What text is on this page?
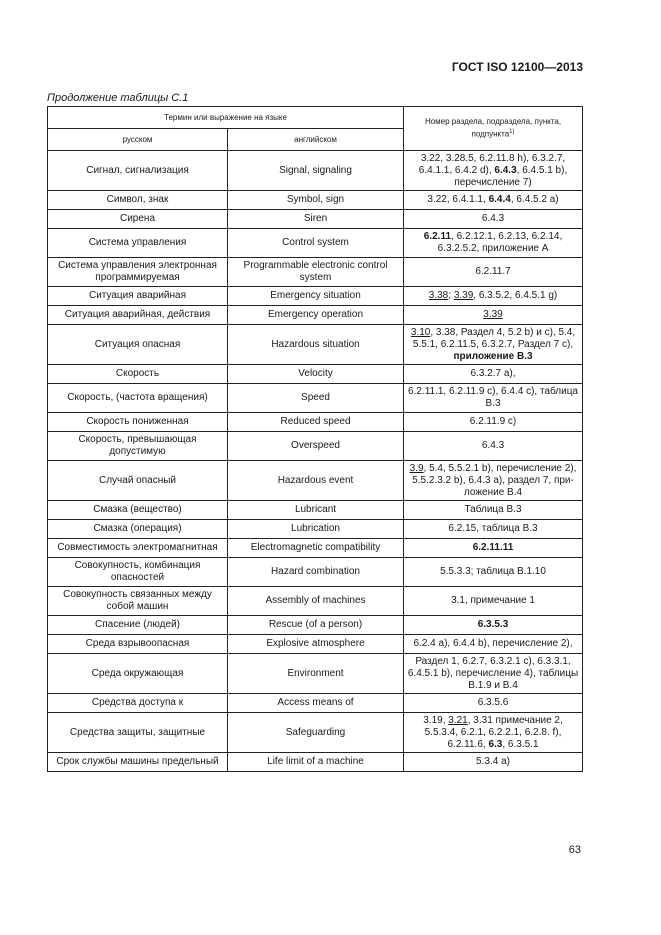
ГОСТ ISO 12100—2013
Продолжение таблицы С.1
Термин или выражение на языке		Номер раздела, подраздела, пункта, подпункта$^{1)}$
русском	английском	
Сигнал, сигнализация	Signal, signaling	3.22, 3.28.5, 6.2.11.8 h), 6.3.2.7, 6.4.1.1, 6.4.2 d), 6.4.3, 6.4.5.1 b), перечисление 7)
Символ, знак	Symbol, sign	3.22, 6.4.1.1, 6.4.4, 6.4.5.2 а)
Сирена	Siren	6.4.3
Система управления	Control system	6.2.11, 6.2.12.1, 6.2.13, 6.2.14, 6.3.2.5.2, приложение А
Система управления электронная программируемая	Programmable electronic control system	6.2.11.7
Ситуация аварийная	Emergency situation	3.38; 3.39, 6.3.5.2, 6.4.5.1 g)
Ситуация аварийная, действия	Emergency operation	3.39
Ситуация опасная	Hazardous situation	3.10, 3.38, Раздел 4, 5.2 b) и с), 5.4, 5.5.1, 6.2.11.5, 6.3.2.7, Раздел 7 с), приложение В.3
Скорость	Velocity	6.3.2.7 а),
Скорость, (частота вращения)	Speed	6.2.11.1, 6.2.11.9 с), 6.4.4 с), таблица В.3
Скорость пониженная	Reduced speed	6.2.11.9 с)
Скорость, превышающая допустимую	Overspeed	6.4.3
Случай опасный	Hazardous event	3.9, 5.4, 5.5.2.1 b), перечисление 2), 5.5.2.3.2 b), 6.4.3 а), раздел 7, при-ложение В.4
Смазка (вещество)	Lubricant	Таблица В.3
Смазка (операция)	Lubrication	6.2.15, таблица В.3
Совместимость электромагнитная	Electromagnetic compatibility	6.2.11.11
Совокупность, комбинация опасностей	Hazard combination	5.5.3.3; таблица В.1.10
Совокупность связанных между собой машин	Assembly of machines	3.1, примечание 1
Спасение (людей)	Rescue (of a person)	6.3.5.3
Среда взрывоопасная	Explosive atmosphere	6.2.4 а), 6.4.4 b), перечисление 2),
Среда окружающая	Environment	Раздел 1, 6.2.7, 6.3.2.1 с), 6.3.3.1, 6.4.5.1 b), перечисление 4), таблицы В.1.9 и В.4
Средства доступа к	Access means of	6.3.5.6
Средства защиты, защитные	Safeguarding	3.19, 3.21, 3.31 примечание 2, 5.5.3.4, 6.2.1, 6.2.2.1, 6.2.8. f), 6.2.11.6, 6.3, 6.3.5.1
Срок службы машины предельный	Life limit of a machine	5.3.4 а)
63
